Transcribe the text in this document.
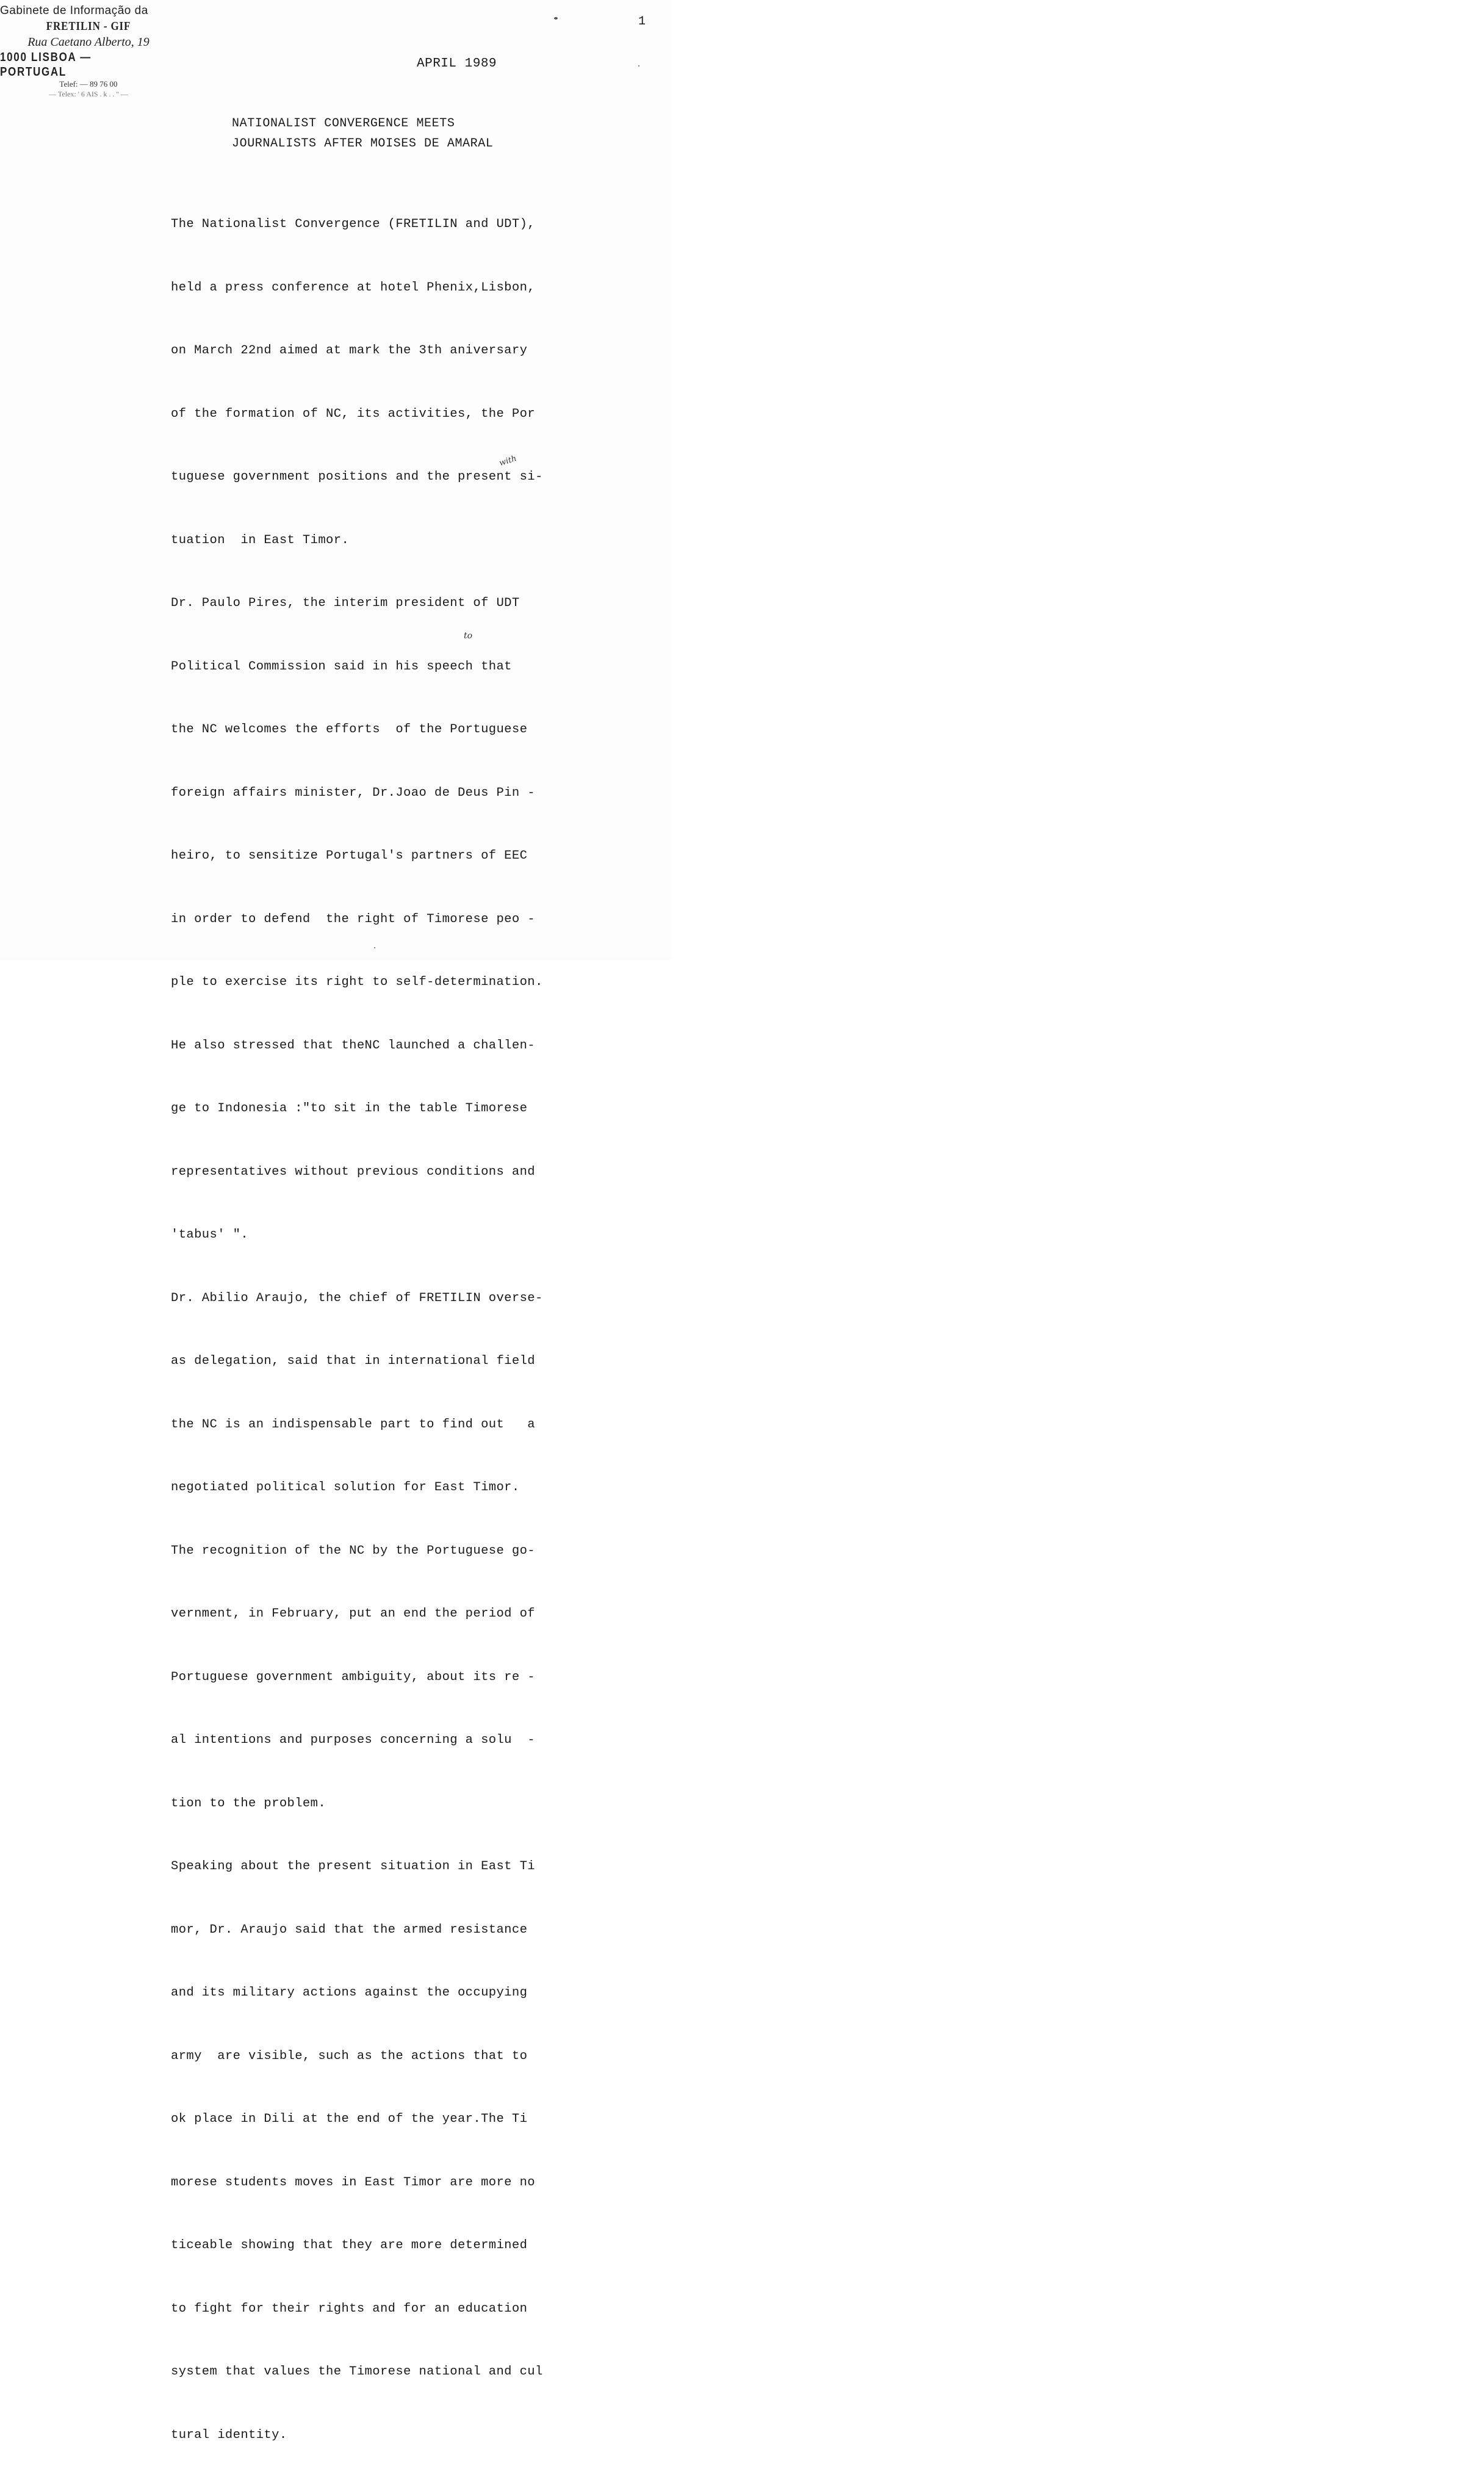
Gabinete de Informação da
FRETILIN - GIF
Rua Caetano Alberto, 19
1000 LISBOA — PORTUGAL
Telef: — 89 76 00
— Telex: ' 6 AIS . k . . '' —
1
APRIL 1989
NATIONALIST CONVERGENCE MEETS
JOURNALISTS AFTER MOISES DE AMARAL

The Nationalist Convergence (FRETILIN and UDT),

held a press conference at hotel Phenix,Lisbon,

on March 22nd aimed at mark the 3th aniversary

of the formation of NC, its activities, the Por

tuguese government positions and the present si-

tuation  in East Timor.

Dr. Paulo Pires, the interim president of UDT

Political Commission said in his speech that

the NC welcomes the efforts  of the Portuguese

foreign affairs minister, Dr.Joao de Deus Pin -

heiro, to sensitize Portugal's partners of EEC

in order to defend  the right of Timorese peo -

ple to exercise its right to self-determination.

He also stressed that theNC launched a challen-

ge to Indonesia :"to sit in the table Timorese

representatives without previous conditions and

'tabus' ".

Dr. Abilio Araujo, the chief of FRETILIN overse-

as delegation, said that in international field

the NC is an indispensable part to find out   a

negotiated political solution for East Timor.

The recognition of the NC by the Portuguese go-

vernment, in February, put an end the period of

Portuguese government ambiguity, about its re -

al intentions and purposes concerning a solu  -

tion to the problem.

Speaking about the present situation in East Ti

mor, Dr. Araujo said that the armed resistance

and its military actions against the occupying

army  are visible, such as the actions that to

ok place in Dili at the end of the year.The Ti

morese students moves in East Timor are more no

ticeable showing that they are more determined

to fight for their rights and for an education

system that values the Timorese national and cul

tural identity.

with
to
